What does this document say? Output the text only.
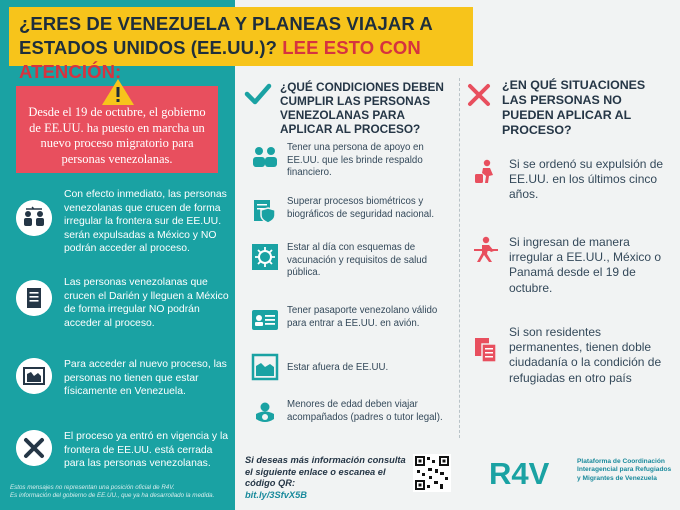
¿ERES DE VENEZUELA Y PLANEAS VIAJAR A ESTADOS UNIDOS (EE.UU.)? LEE ESTO CON ATENCIÓN:
Desde el 19 de octubre, el gobierno de EE.UU. ha puesto en marcha un nuevo proceso migratorio para personas venezolanas.
Con efecto inmediato, las personas venezolanas que crucen de forma irregular la frontera sur de EE.UU. serán expulsadas a México y NO podrán acceder al proceso.
Las personas venezolanas que crucen el Darién y lleguen a México de forma irregular NO podrán acceder al proceso.
Para acceder al nuevo proceso, las personas no tienen que estar físicamente en Venezuela.
El proceso ya entró en vigencia y la frontera de EE.UU. está cerrada para las personas venezolanas.
¿QUÉ CONDICIONES DEBEN CUMPLIR LAS PERSONAS VENEZOLANAS PARA APLICAR AL PROCESO?
Tener una persona de apoyo en EE.UU. que les brinde respaldo financiero.
Superar procesos biométricos y biográficos de seguridad nacional.
Estar al día con esquemas de vacunación y requisitos de salud pública.
Tener pasaporte venezolano válido para entrar a EE.UU. en avión.
Estar afuera de EE.UU.
Menores de edad deben viajar acompañados (padres o tutor legal).
¿EN QUÉ SITUACIONES LAS PERSONAS NO PUEDEN APLICAR AL PROCESO?
Si se ordenó su expulsión de EE.UU. en los últimos cinco años.
Si ingresan de manera irregular a EE.UU., México o Panamá desde el 19 de octubre.
Si son residentes permanentes, tienen doble ciudadanía o la condición de refugiadas en otro país
Estos mensajes no representan una posición oficial de R4V.
Es información del gobierno de EE.UU., que ya ha desarrollado la medida.
Si deseas más información consulta el siguiente enlace o escanea el código QR:
bit.ly/3SfvX5B
R4V	Plataforma de Coordinación
Interagencial para Refugiados
y Migrantes de Venezuela
